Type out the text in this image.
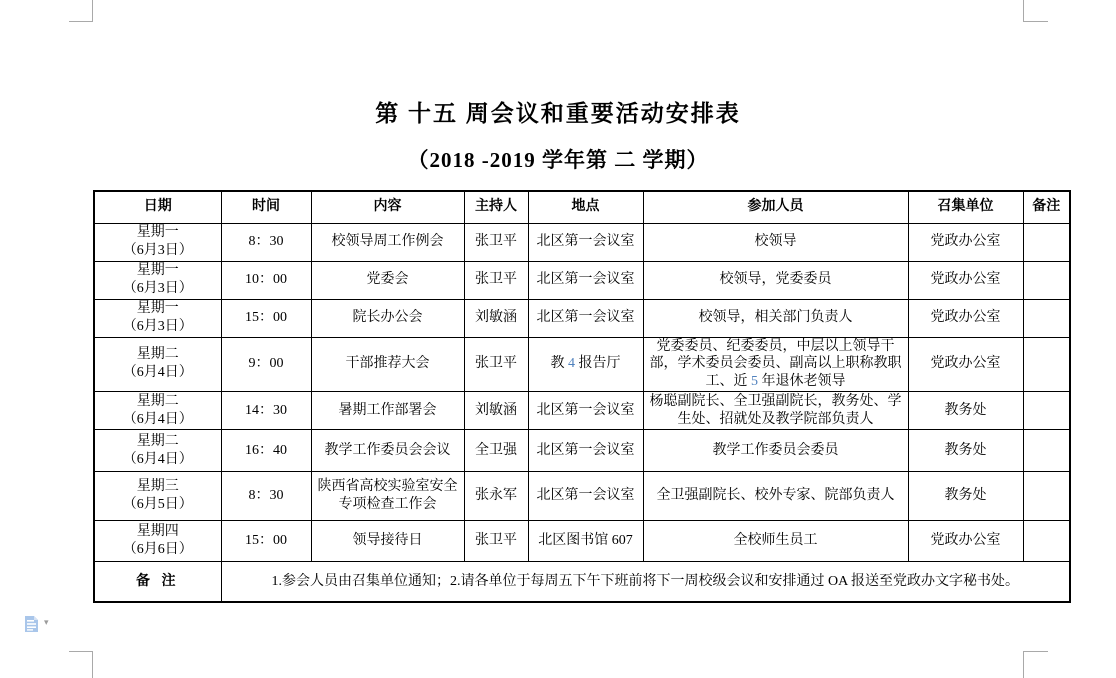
第 十五 周会议和重要活动安排表
（2018 -2019 学年第 二 学期）
日期	时间	内容	主持人	地点	参加人员	召集单位	备注

星期一
（6月3日）	8：30	校领导周工作例会	张卫平	北区第一会议室	校领导	党政办公室	

星期一
（6月3日）	10：00	党委会	张卫平	北区第一会议室	校领导，党委委员	党政办公室	

星期一
（6月3日）	15：00	院长办公会	刘敏涵	北区第一会议室	校领导，相关部门负责人	党政办公室	

星期二
（6月4日）	9：00	干部推荐大会	张卫平	教 4 报告厅	党委委员、纪委委员，中层以上领导干部，学术委员会委员、副高以上职称教职工、近 5 年退休老领导	党政办公室	

星期二
（6月4日）	14：30	暑期工作部署会	刘敏涵	北区第一会议室	杨聪副院长、全卫强副院长，教务处、学生处、招就处及教学院部负责人	教务处	

星期二
（6月4日）	16：40	教学工作委员会会议	全卫强	北区第一会议室	教学工作委员会委员	教务处	

星期三
（6月5日）	8：30	陕西省高校实验室安全专项检查工作会	张永军	北区第一会议室	全卫强副院长、校外专家、院部负责人	教务处	

星期四
（6月6日）	15：00	领导接待日	张卫平	北区图书馆 607	全校师生员工	党政办公室	
备 注	1.参会人员由召集单位通知；2.请各单位于每周五下午下班前将下一周校级会议和安排通过 OA 报送至党政办文字秘书处。						
▾
